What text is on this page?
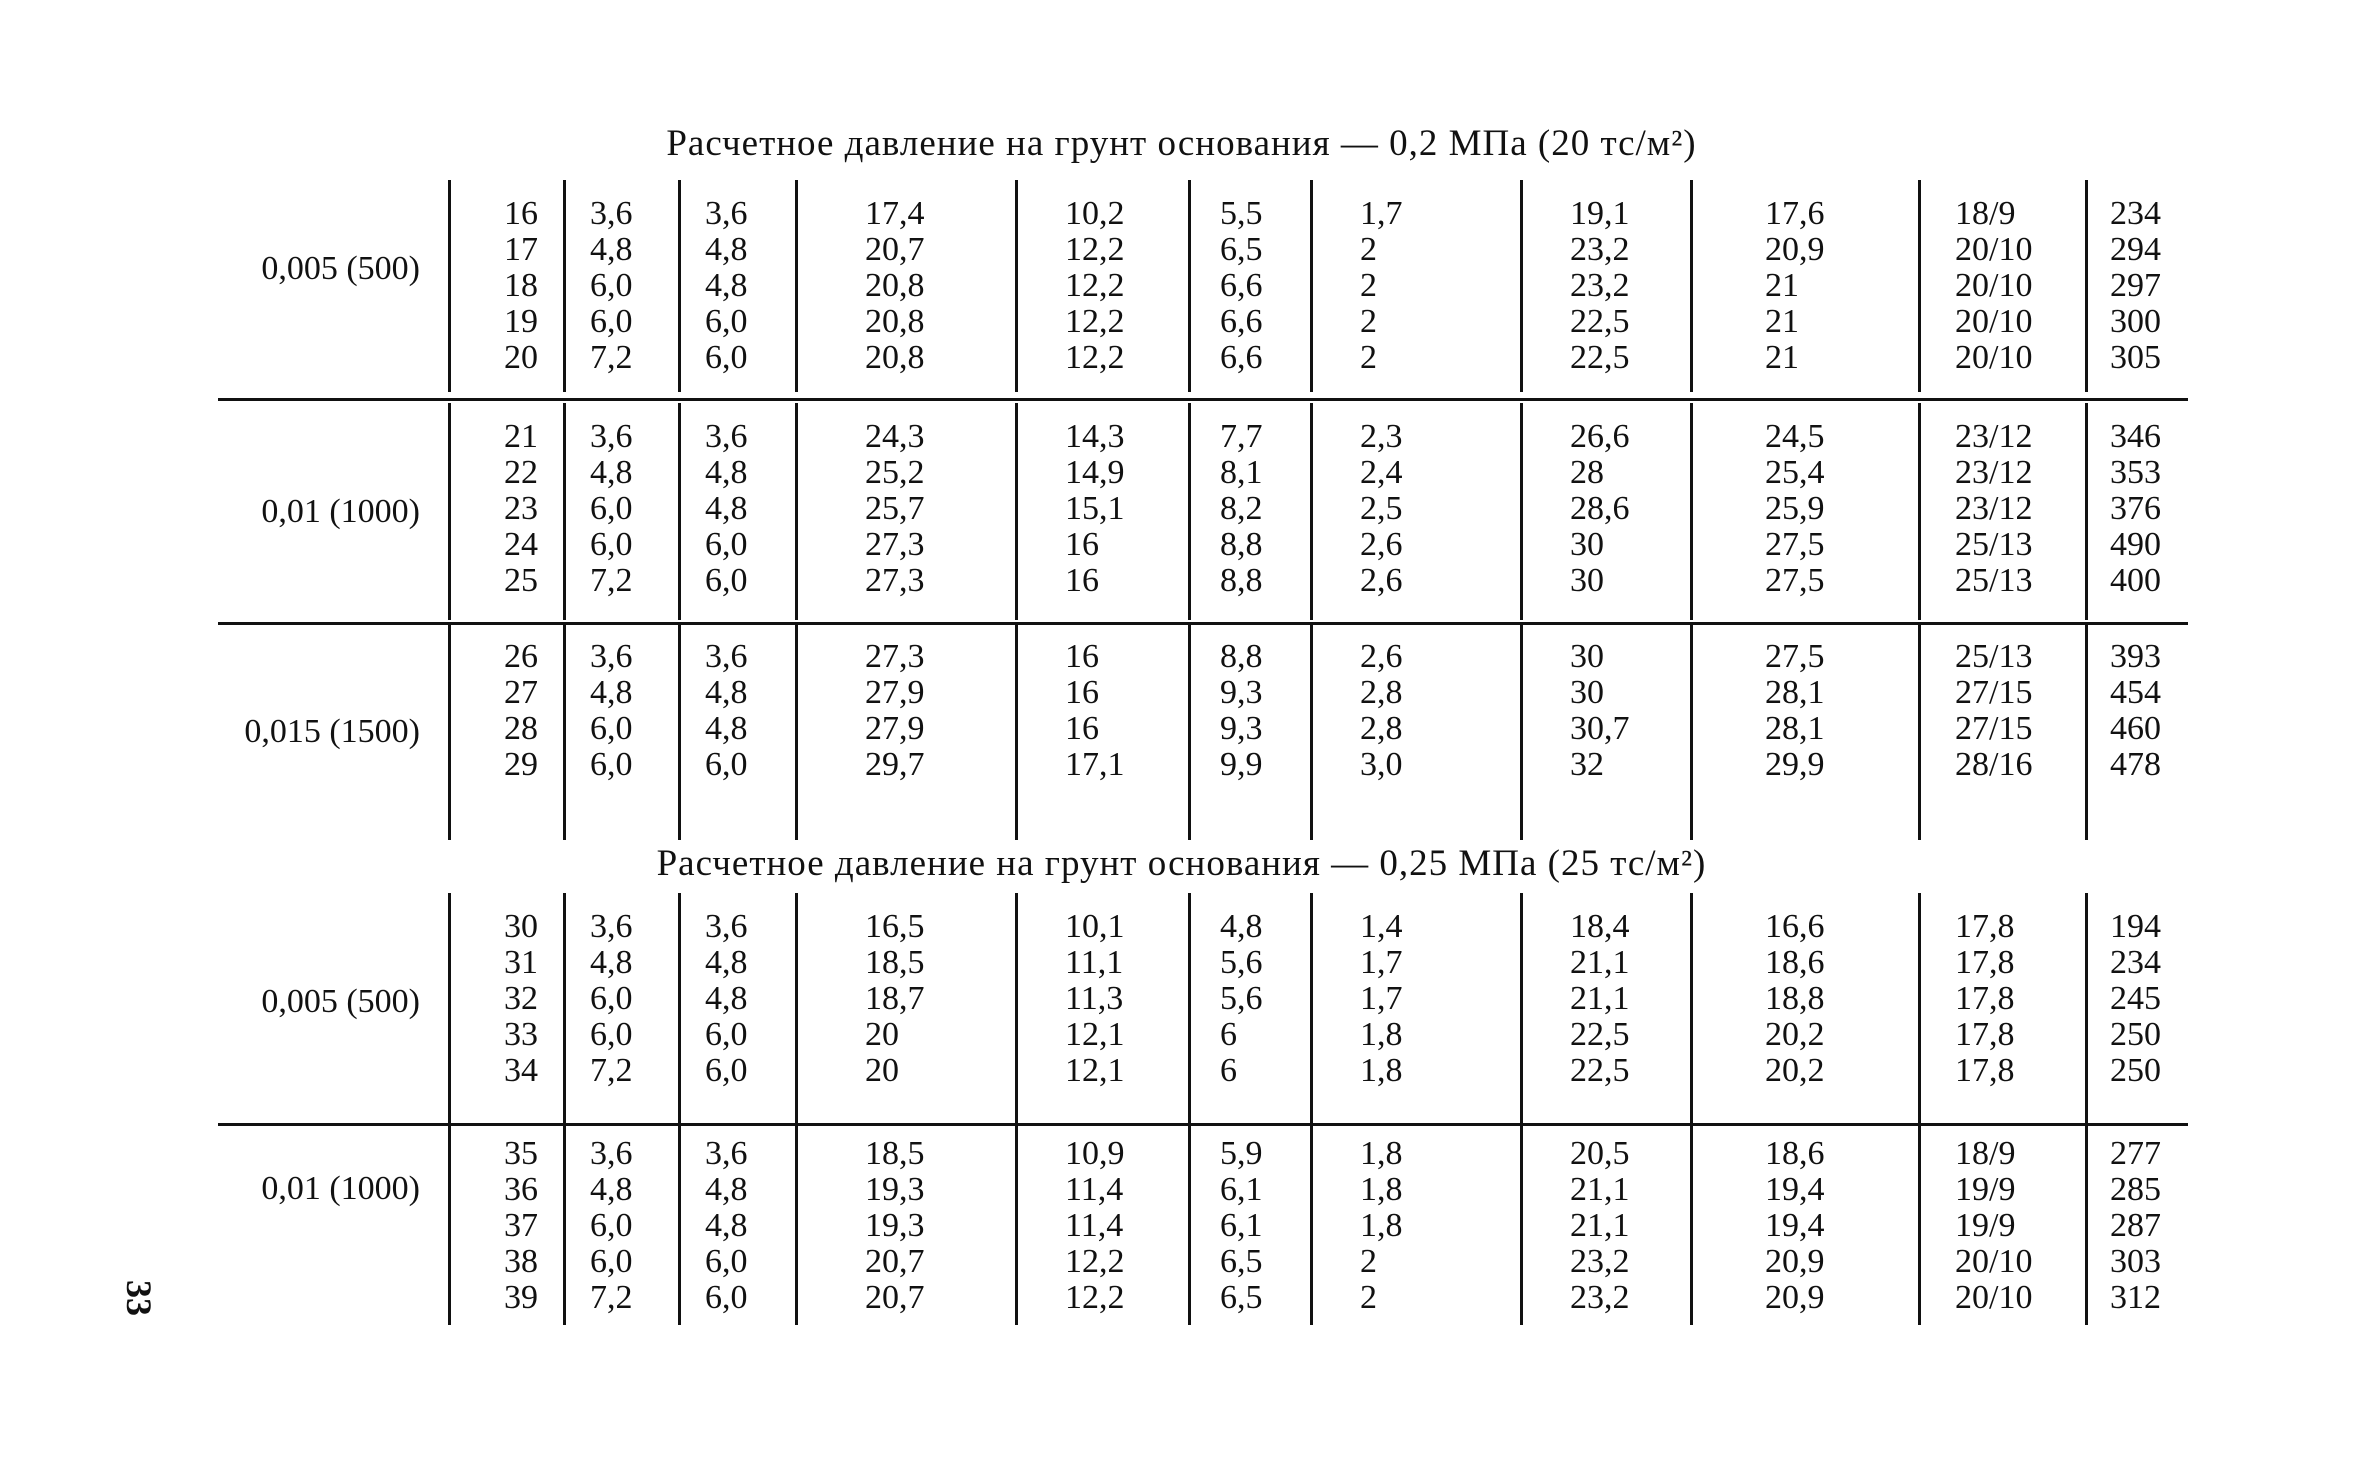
Расчетное давление на грунт основания — 0,2 МПа (20 тс/м²)
Расчетное давление на грунт основания — 0,25 МПа (25 тс/м²)
0,005 (500)
16 3,6 3,6	17,4	10,2	5,5	1,7	19,1	17,6	18/9	234
17 4,8 4,8	20,7	12,2	6,5	2	23,2	20,9	20/10 294
18 6,0 4,8	20,8	12,2	6,6	2	23,2	21	20/10 297
19 6,0 6,0	20,8	12,2	6,6	2	22,5	21	20/10 300
20 7,2 6,0	20,8	12,2	6,6	2	22,5	21	20/10 305
0,01 (1000)
21 3,6 3,6	24,3	14,3	7,7	2,3	26,6	24,5	23/12 346
22 4,8 4,8	25,2	14,9	8,1	2,4	28	25,4	23/12 353
23 6,0 4,8	25,7	15,1	8,2	2,5	28,6	25,9	23/12 376
24 6,0 6,0	27,3	16	8,8	2,6	30	27,5	25/13 490
25 7,2 6,0	27,3	16	8,8	2,6	30	27,5	25/13 400
0,015 (1500)
26 3,6 3,6	27,3	16	8,8	2,6	30	27,5	25/13 393
27 4,8 4,8	27,9	16	9,3	2,8	30	28,1	27/15 454
28 6,0 4,8	27,9	16	9,3	2,8	30,7	28,1	27/15 460
29 6,0 6,0	29,7	17,1	9,9	3,0	32	29,9	28/16 478
0,005 (500)
30 3,6 3,6	16,5	10,1	4,8	1,4	18,4	16,6	17,8	194
31 4,8 4,8	18,5	11,1	5,6	1,7	21,1	18,6	17,8	234
32 6,0 4,8	18,7	11,3	5,6	1,7	21,1	18,8	17,8	245
33 6,0 6,0	20	12,1	6	1,8	22,5	20,2	17,8	250
34 7,2 6,0	20	12,1	6	1,8	22,5	20,2	17,8	250
0,01 (1000)
35 3,6 3,6	18,5	10,9	5,9	1,8	20,5	18,6	18/9	277
36 4,8 4,8	19,3	11,4	6,1	1,8	21,1	19,4	19/9	285
37 6,0 4,8	19,3	11,4	6,1	1,8	21,1	19,4	19/9	287
38 6,0 6,0	20,7	12,2	6,5	2	23,2	20,9	20/10 303
39 7,2 6,0	20,7	12,2	6,5	2	23,2	20,9	20/10 312
33
